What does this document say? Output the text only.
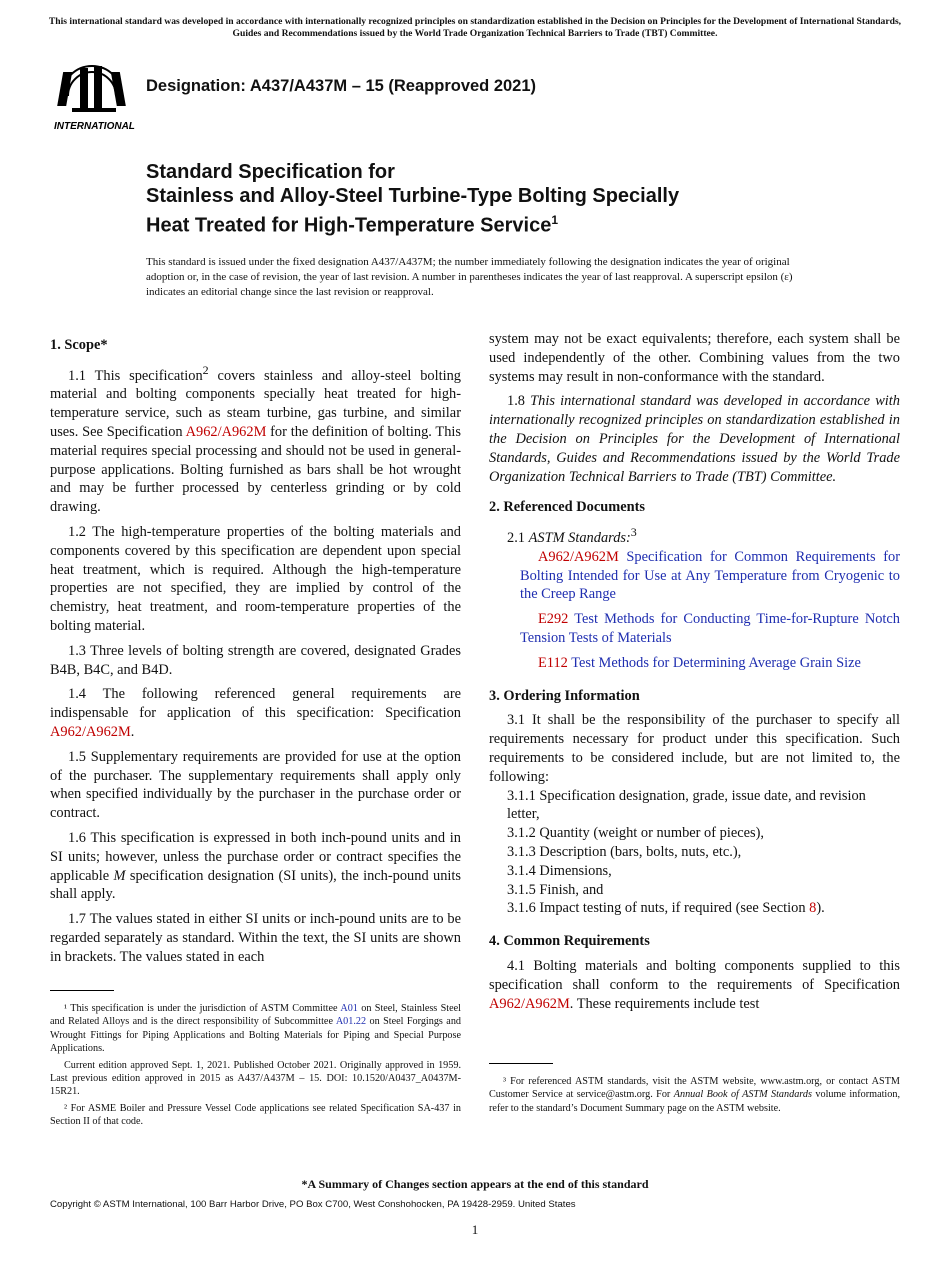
This international standard was developed in accordance with internationally recognized principles on standardization established in the Decision on Principles for the Development of International Standards, Guides and Recommendations issued by the World Trade Organization Technical Barriers to Trade (TBT) Committee.
INTERNATIONAL
Designation: A437/A437M – 15 (Reapproved 2021)
Standard Specification for
Stainless and Alloy-Steel Turbine-Type Bolting Specially
Heat Treated for High-Temperature Service$^1$
This standard is issued under the fixed designation A437/A437M; the number immediately following the designation indicates the year of original adoption or, in the case of revision, the year of last revision. A number in parentheses indicates the year of last reapproval. A superscript epsilon (ε) indicates an editorial change since the last revision or reapproval.
1. Scope*

1.1 This specification$^2$ covers stainless and alloy-steel bolting material and bolting components specially heat treated for high-temperature service, such as steam turbine, gas turbine, and similar uses. See Specification A962/A962M for the definition of bolting. This material requires special processing and should not be used in general-purpose applications. Bolting furnished as bars shall be hot wrought and may be further processed by centerless grinding or by cold drawing.

1.2 The high-temperature properties of the bolting materials and components covered by this specification are dependent upon special heat treatment, which is required. Although the high-temperature properties are not specified, they are implied by control of the chemistry, heat treatment, and room-temperature properties of the bolting material.

1.3 Three levels of bolting strength are covered, designated Grades B4B, B4C, and B4D.

1.4 The following referenced general requirements are indispensable for application of this specification: Specification A962/A962M.

1.5 Supplementary requirements are provided for use at the option of the purchaser. The supplementary requirements shall apply only when specified individually by the purchaser in the purchase order or contract.

1.6 This specification is expressed in both inch-pound units and in SI units; however, unless the purchase order or contract specifies the applicable M specification designation (SI units), the inch-pound units shall apply.

1.7 The values stated in either SI units or inch-pound units are to be regarded separately as standard. Within the text, the SI units are shown in brackets. The values stated in each

¹ This specification is under the jurisdiction of ASTM Committee A01 on Steel, Stainless Steel and Related Alloys and is the direct responsibility of Subcommittee A01.22 on Steel Forgings and Wrought Fittings for Piping Applications and Bolting Materials for Piping and Special Purpose Applications.

Current edition approved Sept. 1, 2021. Published October 2021. Originally approved in 1959. Last previous edition approved in 2015 as A437/A437M – 15. DOI: 10.1520/A0437_A0437M-15R21.

² For ASME Boiler and Pressure Vessel Code applications see related Specification SA-437 in Section II of that code.

system may not be exact equivalents; therefore, each system shall be used independently of the other. Combining values from the two systems may result in non-conformance with the standard.

1.8 This international standard was developed in accordance with internationally recognized principles on standardization established in the Decision on Principles for the Development of International Standards, Guides and Recommendations issued by the World Trade Organization Technical Barriers to Trade (TBT) Committee.

2. Referenced Documents

2.1 ASTM Standards:$^3$

A962/A962M Specification for Common Requirements for Bolting Intended for Use at Any Temperature from Cryogenic to the Creep Range

E292 Test Methods for Conducting Time-for-Rupture Notch Tension Tests of Materials

E112 Test Methods for Determining Average Grain Size

3. Ordering Information

3.1 It shall be the responsibility of the purchaser to specify all requirements necessary for product under this specification. Such requirements to be considered include, but are not limited to, the following:

3.1.1 Specification designation, grade, issue date, and revision letter,

3.1.2 Quantity (weight or number of pieces),

3.1.3 Description (bars, bolts, nuts, etc.),

3.1.4 Dimensions,

3.1.5 Finish, and

3.1.6 Impact testing of nuts, if required (see Section 8).

4. Common Requirements

4.1 Bolting materials and bolting components supplied to this specification shall conform to the requirements of Specification A962/A962M. These requirements include test

³ For referenced ASTM standards, visit the ASTM website, www.astm.org, or contact ASTM Customer Service at service@astm.org. For Annual Book of ASTM Standards volume information, refer to the standard’s Document Summary page on the ASTM website.

*A Summary of Changes section appears at the end of this standard
Copyright © ASTM International, 100 Barr Harbor Drive, PO Box C700, West Conshohocken, PA 19428-2959. United States
1
